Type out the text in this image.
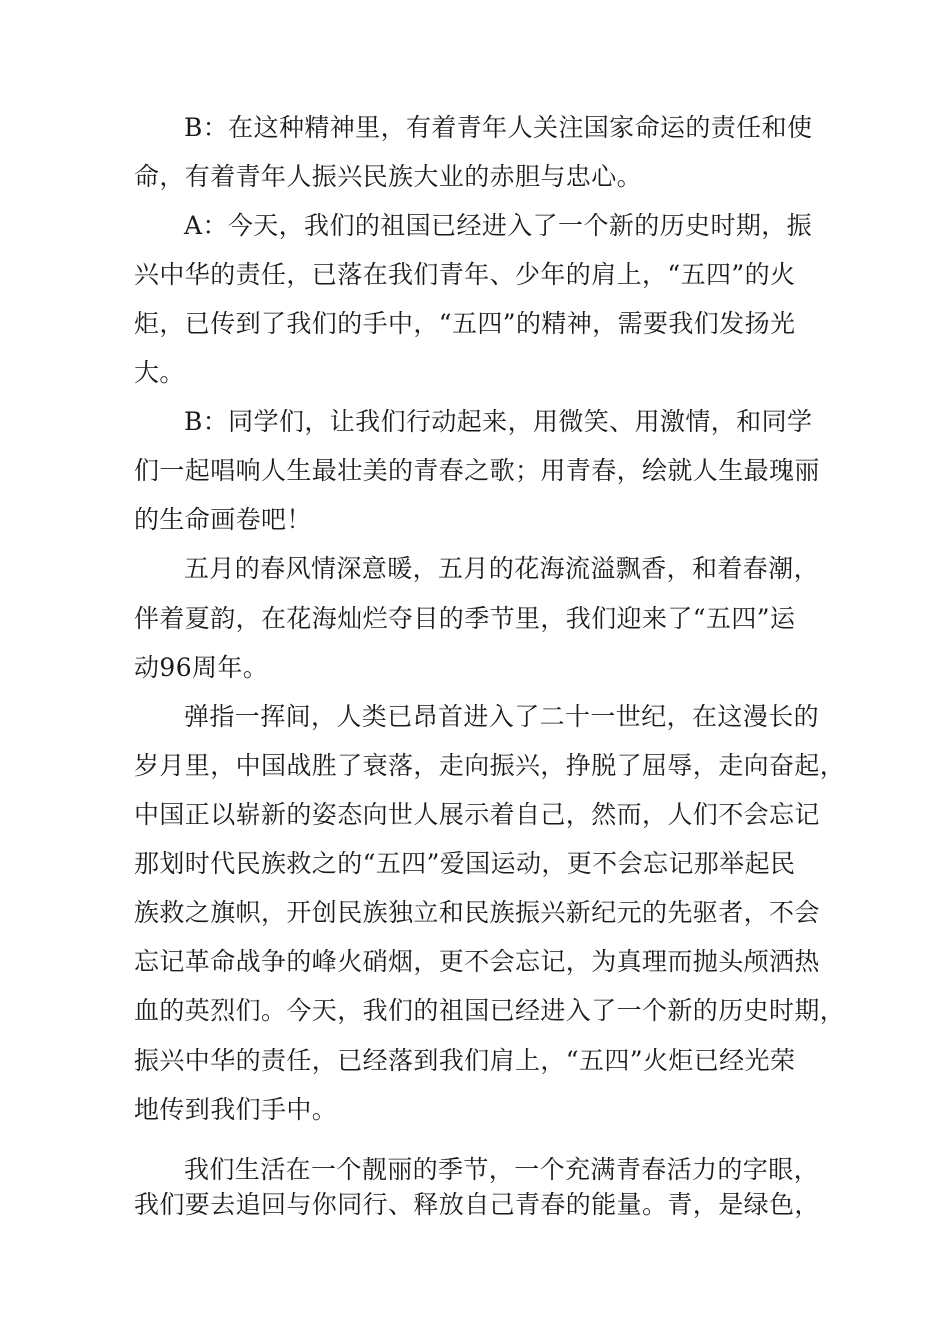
B：在这种精神里，有着青年人关注国家命运的责任和使
命，有着青年人振兴民族大业的赤胆与忠心。
A：今天，我们的祖国已经进入了一个新的历史时期，振
兴中华的责任，已落在我们青年、少年的肩上，“五四”的火
炬，已传到了我们的手中，“五四”的精神，需要我们发扬光
大。
B：同学们，让我们行动起来，用微笑、用激情，和同学
们一起唱响人生最壮美的青春之歌；用青春，绘就人生最瑰丽
的生命画卷吧！
五月的春风情深意暖，五月的花海流溢飘香，和着春潮，
伴着夏韵，在花海灿烂夺目的季节里，我们迎来了“五四”运
动96周年。
弹指一挥间，人类已昂首进入了二十一世纪，在这漫长的
岁月里，中国战胜了衰落，走向振兴，挣脱了屈辱，走向奋起，
中国正以崭新的姿态向世人展示着自己，然而，人们不会忘记
那划时代民族救之的“五四”爱国运动，更不会忘记那举起民
族救之旗帜，开创民族独立和民族振兴新纪元的先驱者，不会
忘记革命战争的峰火硝烟，更不会忘记，为真理而抛头颅洒热
血的英烈们。今天，我们的祖国已经进入了一个新的历史时期，
振兴中华的责任，已经落到我们肩上，“五四”火炬已经光荣
地传到我们手中。
我们生活在一个靓丽的季节，一个充满青春活力的字眼，
我们要去追回与你同行、释放自己青春的能量。青，是绿色，
